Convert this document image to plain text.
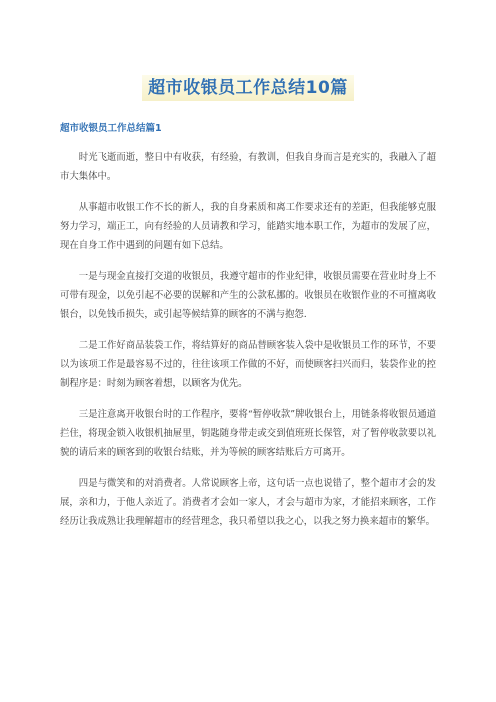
超市收银员工作总结10篇
超市收银员工作总结篇1

时光飞逝而逝，整日中有收获，有经验，有教训，但我自身而言是充实的，我融入了超市大集体中。

从事超市收银工作不长的新人，我的自身素质和离工作要求还有的差距，但我能够克服努力学习，端正工，向有经验的人员请教和学习，能踏实地本职工作，为超市的发展了应，现在自身工作中遇到的问题有如下总结。

一是与现金直接打交道的收银员，我遵守超市的作业纪律，收银员需要在营业时身上不可带有现金，以免引起不必要的误解和产生的公款私挪的。收银员在收银作业的不可擅离收银台，以免钱币损失，或引起等候结算的顾客的不满与抱怨.

二是工作好商品装袋工作，将结算好的商品替顾客装入袋中是收银员工作的环节，不要以为该项工作是最容易不过的，往往该项工作做的不好，而使顾客扫兴而归，装袋作业的控制程序是：时刻为顾客着想，以顾客为优先。

三是注意离开收银台时的工作程序，要将“暂停收款”牌收银台上，用链条将收银员通道拦住，将现金锁入收银机抽屉里，钥匙随身带走或交到值班班长保管，对了暂停收款要以礼貌的请后来的顾客到的收银台结账，并为等候的顾客结账后方可离开。

四是与微笑和的对消费者。人常说顾客上帝，这句话一点也说错了，整个超市才会的发展，亲和力，于他人亲近了。消费者才会如一家人，才会与超市为家，才能招来顾客，工作经历让我成熟让我理解超市的经营理念，我只希望以我之心，以我之努力换来超市的繁华。
